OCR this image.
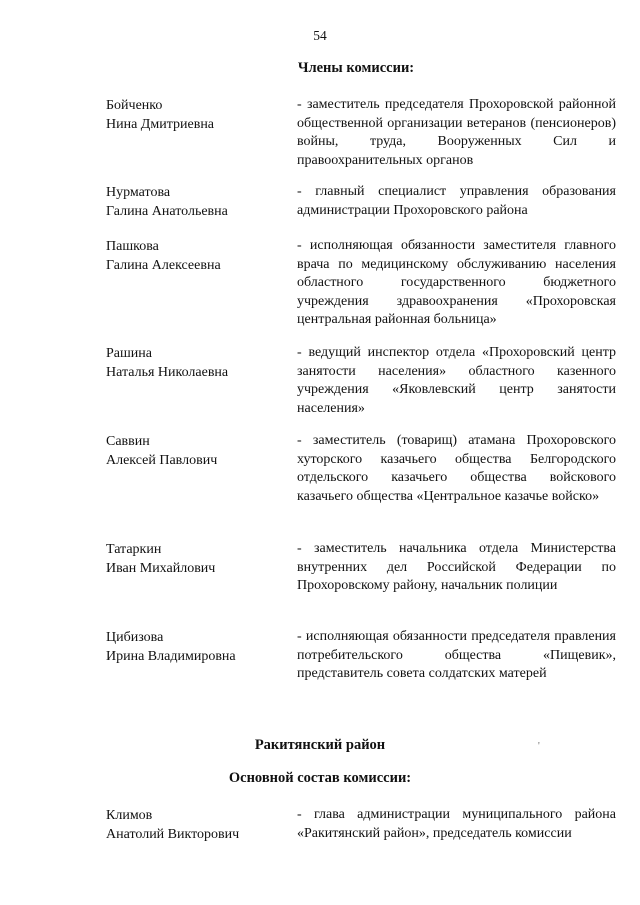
54
Члены комиссии:
Бойченко
Нина Дмитриевна
- заместитель председателя Прохоровской районной общественной организации ветеранов (пенсионеров) войны, труда, Вооруженных Сил и правоохранительных органов
Нурматова
Галина Анатольевна
- главный специалист управления образования администрации Прохоровского района
Пашкова
Галина Алексеевна
- исполняющая обязанности заместителя главного врача по медицинскому обслуживанию населения областного государственного бюджетного учреждения здравоохранения «Прохоровская центральная районная больница»
Рашина
Наталья Николаевна
- ведущий инспектор отдела «Прохоровский центр занятости населения» областного казенного учреждения «Яковлевский центр занятости населения»
Саввин
Алексей Павлович
- заместитель (товарищ) атамана Прохоровского хуторского казачьего общества Белгородского отдельского казачьего общества войскового казачьего общества «Центральное казачье войско»
Татаркин
Иван Михайлович
- заместитель начальника отдела Министерства внутренних дел Российской Федерации по Прохоровскому району, начальник полиции
Цибизова
Ирина Владимировна
- исполняющая обязанности председателя правления потребительского общества «Пищевик», представитель совета солдатских матерей
Ракитянский район
Основной состав комиссии:
Климов
Анатолий Викторович
- глава администрации муниципального района «Ракитянский район», председатель комиссии
'
